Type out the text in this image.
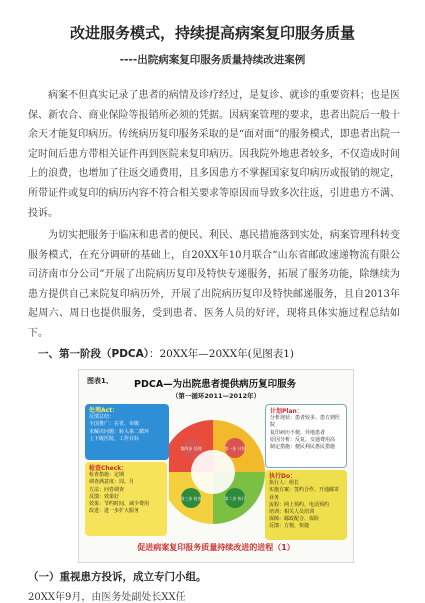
改进服务模式，持续提高病案复印服务质量
----出院病案复印服务质量持续改进案例
病案不但真实记录了患者的病情及诊疗经过，是复诊、就诊的重要资料；也是医保、新农合、商业保险等报销所必须的凭据。因病案管理的要求，患者出院后一般十余天才能复印病历。传统病历复印服务采取的是“面对面”的服务模式，即患者出院一定时间后患方带相关证件再到医院来复印病历。因我院外地患者较多，不仅造成时间上的浪费，也增加了往返交通费用，且多因患方不掌握国家复印病历或报销的规定，所带证件或复印的病历内容不符合相关要求等原因而导致多次往返，引进患方不满、投诉。
为切实把服务于临床和患者的便民、利民、惠民措施落到实处，病案管理科转变服务模式，在充分调研的基础上，自20XX年10月联合“山东省邮政速递物流有限公司济南市分公司”开展了出院病历复印及特快专递服务，拓展了服务功能，除继续为患方提供自己来院复印病历外，开展了出院病历复印及特快邮递服务，且自2013年起周六、周日也提供服务，受到患者、医务人员的好评，现将具体实施过程总结如下。
一、第一阶段（PDCA）：20XX年—20XX年(见图表1)
图表1、 PDCA—为出院患者提供病历复印服务
（第一循环2011—2012年）
处理Act：
反馈总结：
全国推广：在省、市级
未解决问题：转入第二循环
上下级医院，工作目标
计划Plan：
分析现状：患者较多、患方到医院
复印病历不便、异地患者
原因分析：反复、交通费用高
制定措施：便民利民惠民措施
检查Check：
检查措施：定期
调查满意度：周、月
方法：问卷调查
反馈：效果好
效果：节约时间、减少费用
改进：进一步扩大服务
执行Do：
执行人：组长
实施方案：签约合作、开通邮寄业务
流程：网上预约、电话预约
培训：相关人员培训
保障：邮政配合、保险
反馈：方便、快捷
第一步 计划
第二步 执行
第三步 检查
第四步 处理
促进病案复印报务质量持续改进的进程（1）
（一）重视患方投诉，成立专门小组。
20XX年9月，由医务处副处长XX任
